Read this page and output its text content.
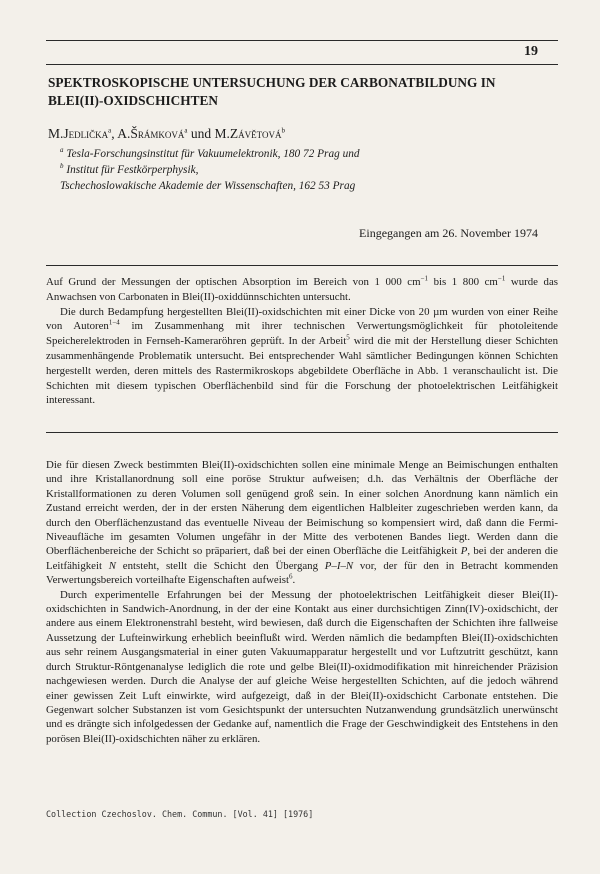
19
SPEKTROSKOPISCHE UNTERSUCHUNG DER CARBONATBILDUNG IN BLEI(II)-OXIDSCHICHTEN

M.Jedlička$^a$, A.Šrámková$^a$ und M.Závětová$^b$

$^a$ Tesla-Forschungsinstitut für Vakuumelektronik, 180 72 Prag und
$^b$ Institut für Festkörperphysik,
Tschechoslowakische Akademie der Wissenschaften, 162 53 Prag

Eingegangen am 26. November 1974

Auf Grund der Messungen der optischen Absorption im Bereich von 1 000 $cm^{-1}$ bis 1 800 $cm^{-1}$ wurde das Anwachsen von Carbonaten in Blei(II)-oxiddünnschichten untersucht.

Die durch Bedampfung hergestellten Blei(II)-oxidschichten mit einer Dicke von 20 µm wurden von einer Reihe von Autoren$^{1-4}$ im Zusammenhang mit ihrer technischen Verwertungsmöglichkeit für photoleitende Speicherelektroden in Fernseh-Kameraröhren geprüft. In der Arbeit$^5$ wird die mit der Herstellung dieser Schichten zusammenhängende Problematik untersucht. Bei entsprechender Wahl sämtlicher Bedingungen können Schichten hergestellt werden, deren mittels des Rastermikroskops abgebildete Oberfläche in Abb. 1 veranschaulicht ist. Die Schichten mit diesem typischen Oberflächenbild sind für die Forschung der photoelektrischen Leitfähigkeit interessant.

Die für diesen Zweck bestimmten Blei(II)-oxidschichten sollen eine minimale Menge an Beimischungen enthalten und ihre Kristallanordnung soll eine poröse Struktur aufweisen; d.h. das Verhältnis der Oberfläche der Kristallformationen zu deren Volumen soll genügend groß sein. In einer solchen Anordnung kann nämlich ein Zustand erreicht werden, der in der ersten Näherung dem eigentlichen Halbleiter zugeschrieben werden kann, da durch den Oberflächenzustand das eventuelle Niveau der Beimischung so kompensiert wird, daß dann die Fermi-Niveaufläche im gesamten Volumen ungefähr in der Mitte des verbotenen Bandes liegt. Werden dann die Oberflächenbereiche der Schicht so präpariert, daß bei der einen Oberfläche die Leitfähigkeit P, bei der anderen die Leitfähigkeit N entsteht, stellt die Schicht den Übergang P–I–N vor, der für den in Betracht kommenden Verwertungsbereich vorteilhafte Eigenschaften aufweist$^6$.

Durch experimentelle Erfahrungen bei der Messung der photoelektrischen Leitfähigkeit dieser Blei(II)-oxidschichten in Sandwich-Anordnung, in der der eine Kontakt aus einer durchsichtigen Zinn(IV)-oxidschicht, der andere aus einem Elektronenstrahl besteht, wird bewiesen, daß durch die Eigenschaften der Schichten ihre fallweise Aussetzung der Lufteinwirkung erheblich beeinflußt wird. Werden nämlich die bedampften Blei(II)-oxidschichten aus sehr reinem Ausgangsmaterial in einer guten Vakuumapparatur hergestellt und vor Luftzutritt geschützt, kann durch Struktur-Röntgenanalyse lediglich die rote und gelbe Blei(II)-oxidmodifikation mit hinreichender Präzision nachgewiesen werden. Durch die Analyse der auf gleiche Weise hergestellten Schichten, auf die jedoch während einer gewissen Zeit Luft einwirkte, wird aufgezeigt, daß in der Blei(II)-oxidschicht Carbonate entstehen. Die Gegenwart solcher Substanzen ist vom Gesichtspunkt der untersuchten Nutzanwendung grundsätzlich unerwünscht und es drängte sich infolgedessen der Gedanke auf, namentlich die Frage der Geschwindigkeit des Entstehens in den porösen Blei(II)-oxidschichten näher zu erklären.

Collection Czechoslov. Chem. Commun. [Vol. 41] [1976]
